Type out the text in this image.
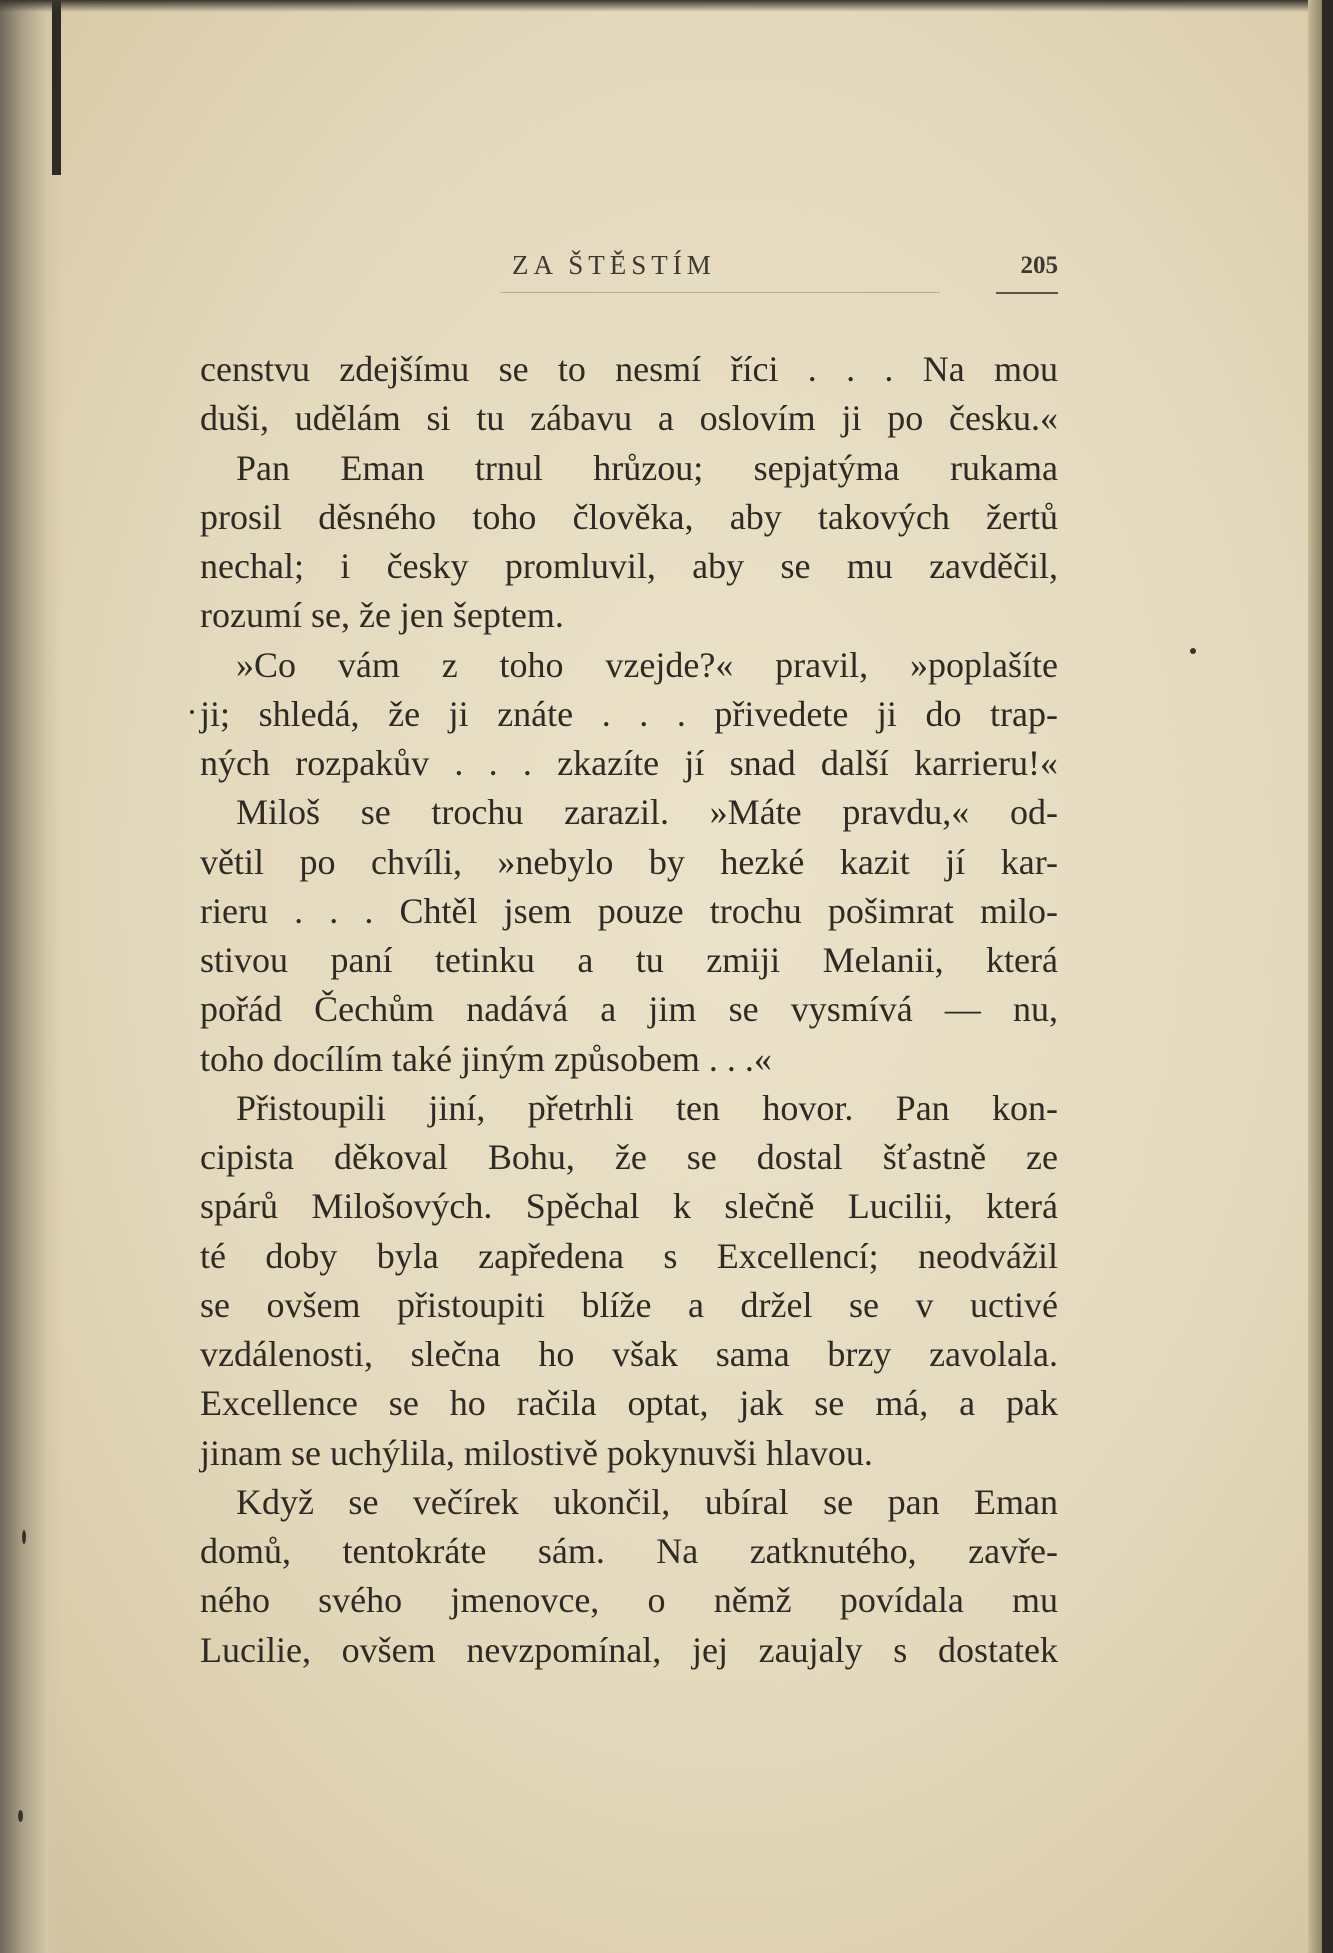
ZA ŠTĚSTÍM	205
censtvu zdejšímu se to nesmí říci . . . Na mou
duši, udělám si tu zábavu a oslovím ji po česku.«
Pan Eman trnul hrůzou; sepjatýma rukama
prosil děsného toho člověka, aby takových žertů
nechal; i česky promluvil, aby se mu zavděčil,
rozumí se, že jen šeptem.
»Co vám z toho vzejde?« pravil, »poplašíte
ji; shledá, že ji znáte . . . přivedete ji do trap-
ných rozpakův . . . zkazíte jí snad další karrieru!«
Miloš se trochu zarazil. »Máte pravdu,« od-
větil po chvíli, »nebylo by hezké kazit jí kar-
rieru . . . Chtěl jsem pouze trochu pošimrat milo-
stivou paní tetinku a tu zmiji Melanii, která
pořád Čechům nadává a jim se vysmívá — nu,
toho docílím také jiným způsobem . . .«
Přistoupili jiní, přetrhli ten hovor. Pan kon-
cipista děkoval Bohu, že se dostal šťastně ze
spárů Milošových. Spěchal k slečně Lucilii, která
té doby byla zapředena s Excellencí; neodvážil
se ovšem přistoupiti blíže a držel se v uctivé
vzdálenosti, slečna ho však sama brzy zavolala.
Excellence se ho račila optat, jak se má, a pak
jinam se uchýlila, milostivě pokynuvši hlavou.
Když se večírek ukončil, ubíral se pan Eman
domů, tentokráte sám. Na zatknutého, zavře-
ného svého jmenovce, o němž povídala mu
Lucilie, ovšem nevzpomínal, jej zaujaly s dostatek
